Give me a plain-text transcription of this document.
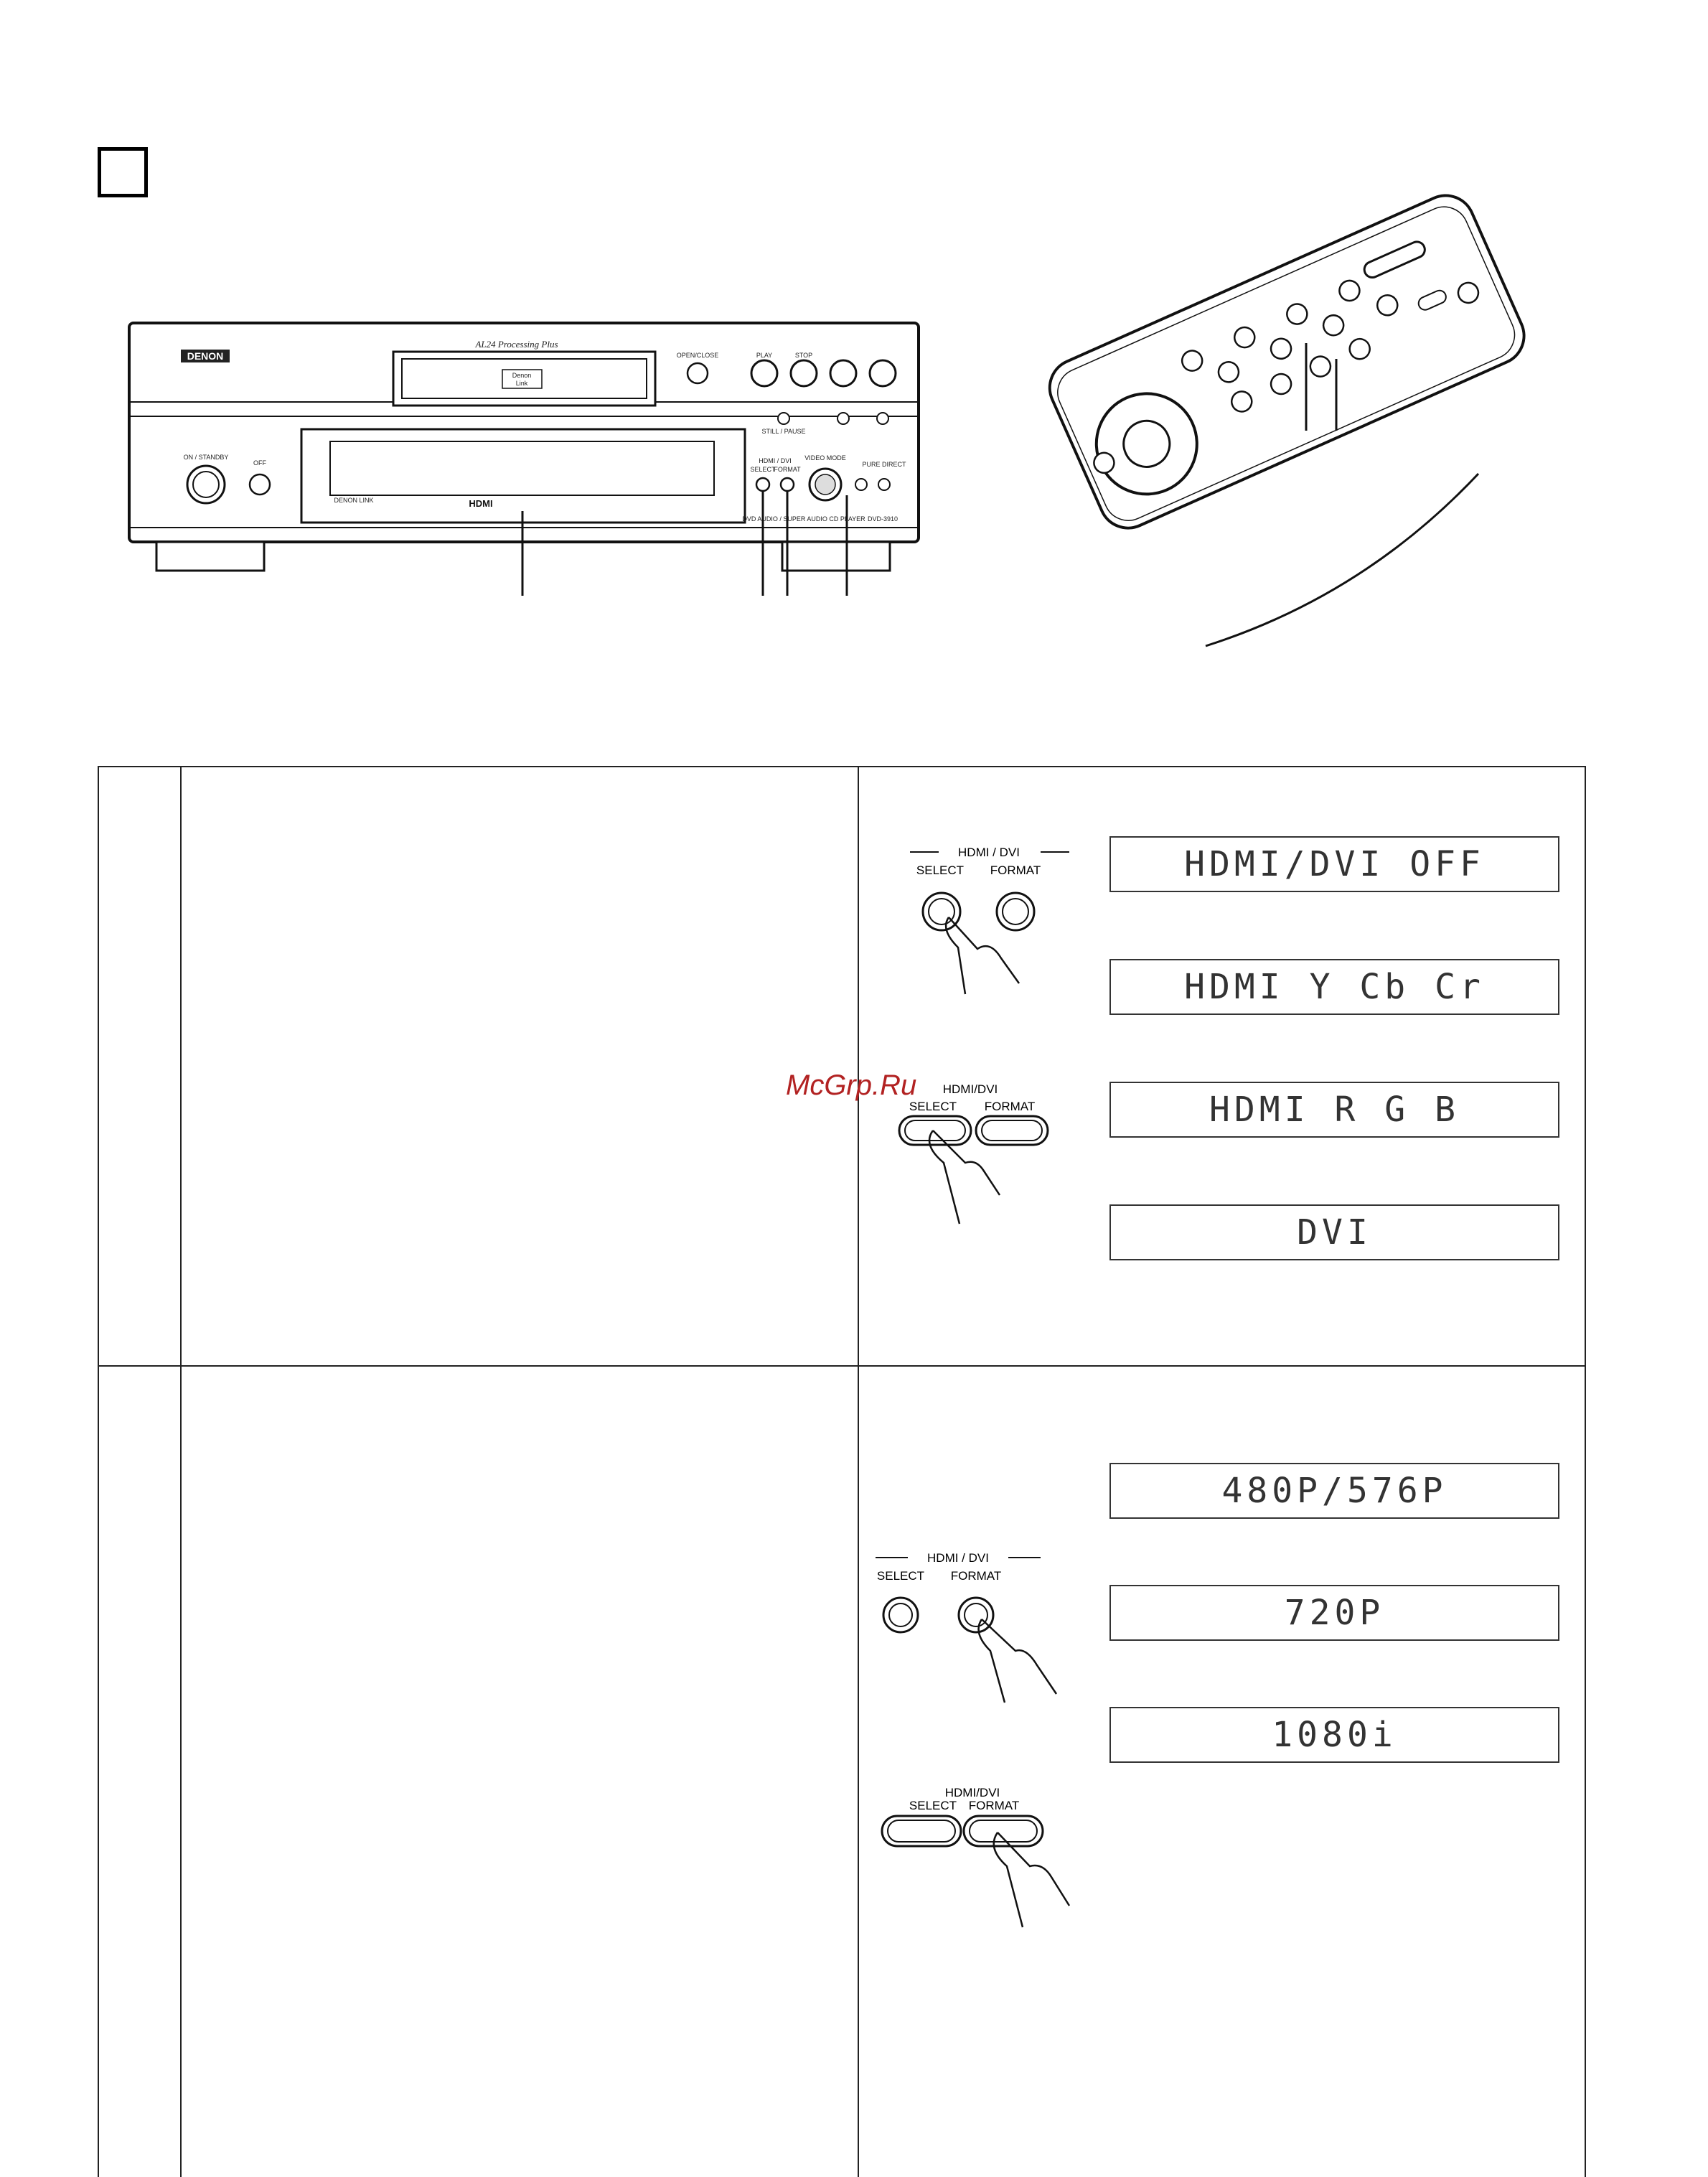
DENON
AL24 Processing Plus
Denon
Link
OPEN/CLOSE	PLAY	STOP
STILL / PAUSE
ON / STANDBY
OFF
DENON LINK	HDMI
HDMI / DVI
SELECT
FORMAT
VIDEO MODE
PURE DIRECT
DVD AUDIO / SUPER AUDIO CD PLAYER DVD-3910
HDMI / DVI
SELECT FORMAT
HDMI/DVI
SELECT FORMAT
HDMI/DVI OFF
HDMI Y Cb Cr
HDMI R G B
DVI
HDMI / DVI
SELECT FORMAT
HDMI/DVI
SELECT FORMAT
480P/576P
720P
1080i
McGrp.Ru
